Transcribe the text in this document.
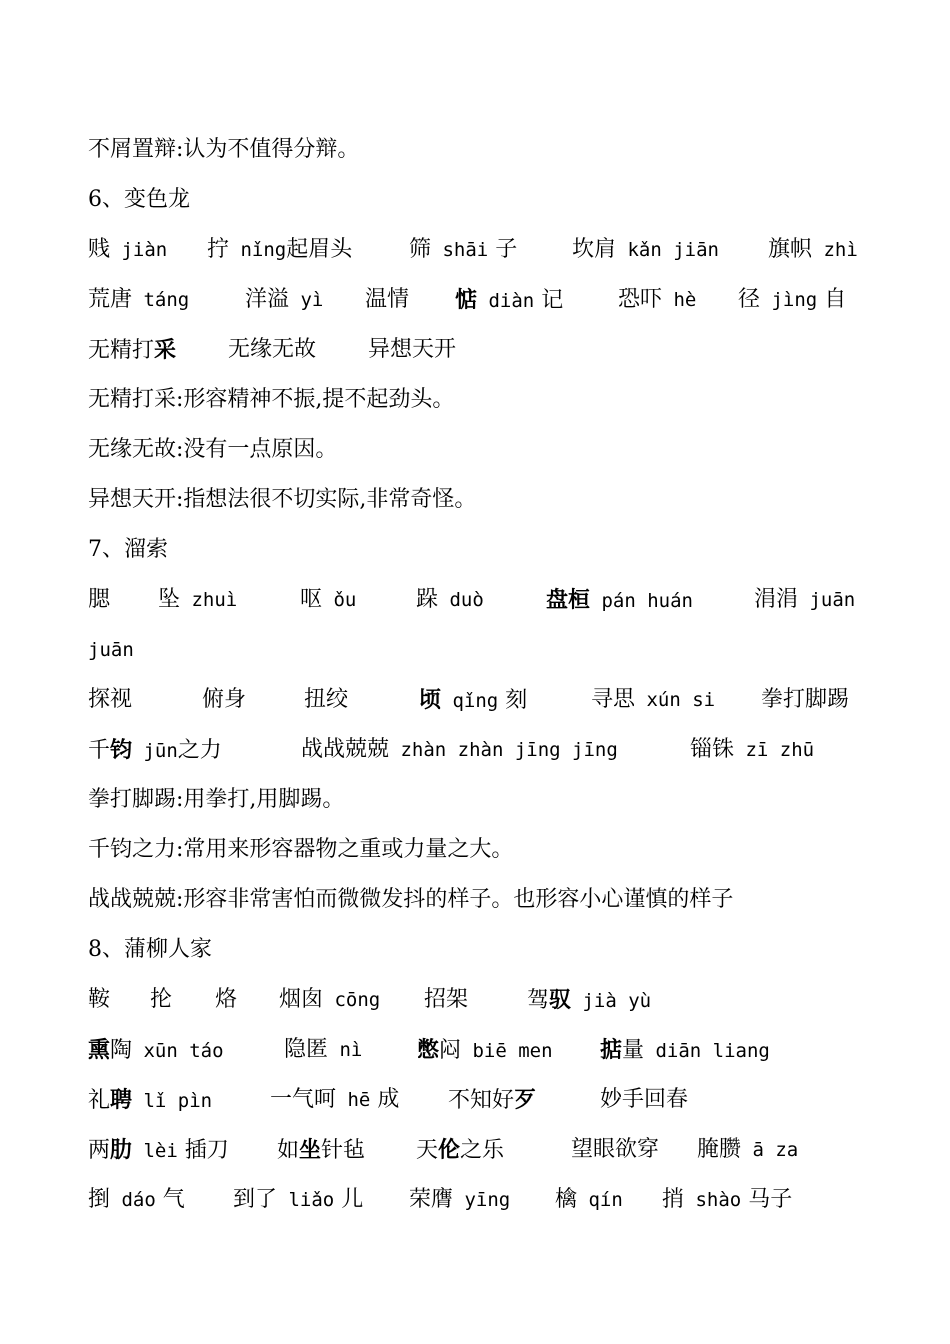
不屑置辩:认为不值得分辩。
6、变色龙
贱 jiàn 拧 nǐng起眉头	筛 shāi 子 坎肩 kǎn jiān 旗帜 zhì
荒唐 táng	洋溢 yì 温情 惦 diàn 记 恐吓 hè 径 jìng 自
无精打采 无缘无故 异想天开
无精打采:形容精神不振,提不起劲头。
无缘无故:没有一点原因。
异想天开:指想法很不切实际,非常奇怪。
7、溜索
腮 坠 zhuì	呕 ǒu	跺 duò	盘桓 pán huán	涓涓 juān
juān
探视	俯身	扭绞	顷 qǐng 刻	寻思 xún si 拳打脚踢
千钧 jūn之力	战战兢兢 zhàn zhàn jīng jīng	锱铢 zī zhū
拳打脚踢:用拳打,用脚踢。
千钧之力:常用来形容器物之重或力量之大。
战战兢兢:形容非常害怕而微微发抖的样子。也形容小心谨慎的样子
8、蒲柳人家
鞍 抡 烙 烟囱 cōng 招架	驾驭 jià yù
熏陶 xūn táo	隐匿 nì 憋闷 biē men 掂量 diān liang
礼聘 lǐ pìn	一气呵 hē 成 不知好歹	妙手回春
两肋 lèi 插刀 如坐针毡 天伦之乐	望眼欲穿 腌臜 ā za
捯 dáo 气 到了 liǎo 儿 荣膺 yīng 檎 qín 捎 shào 马子
